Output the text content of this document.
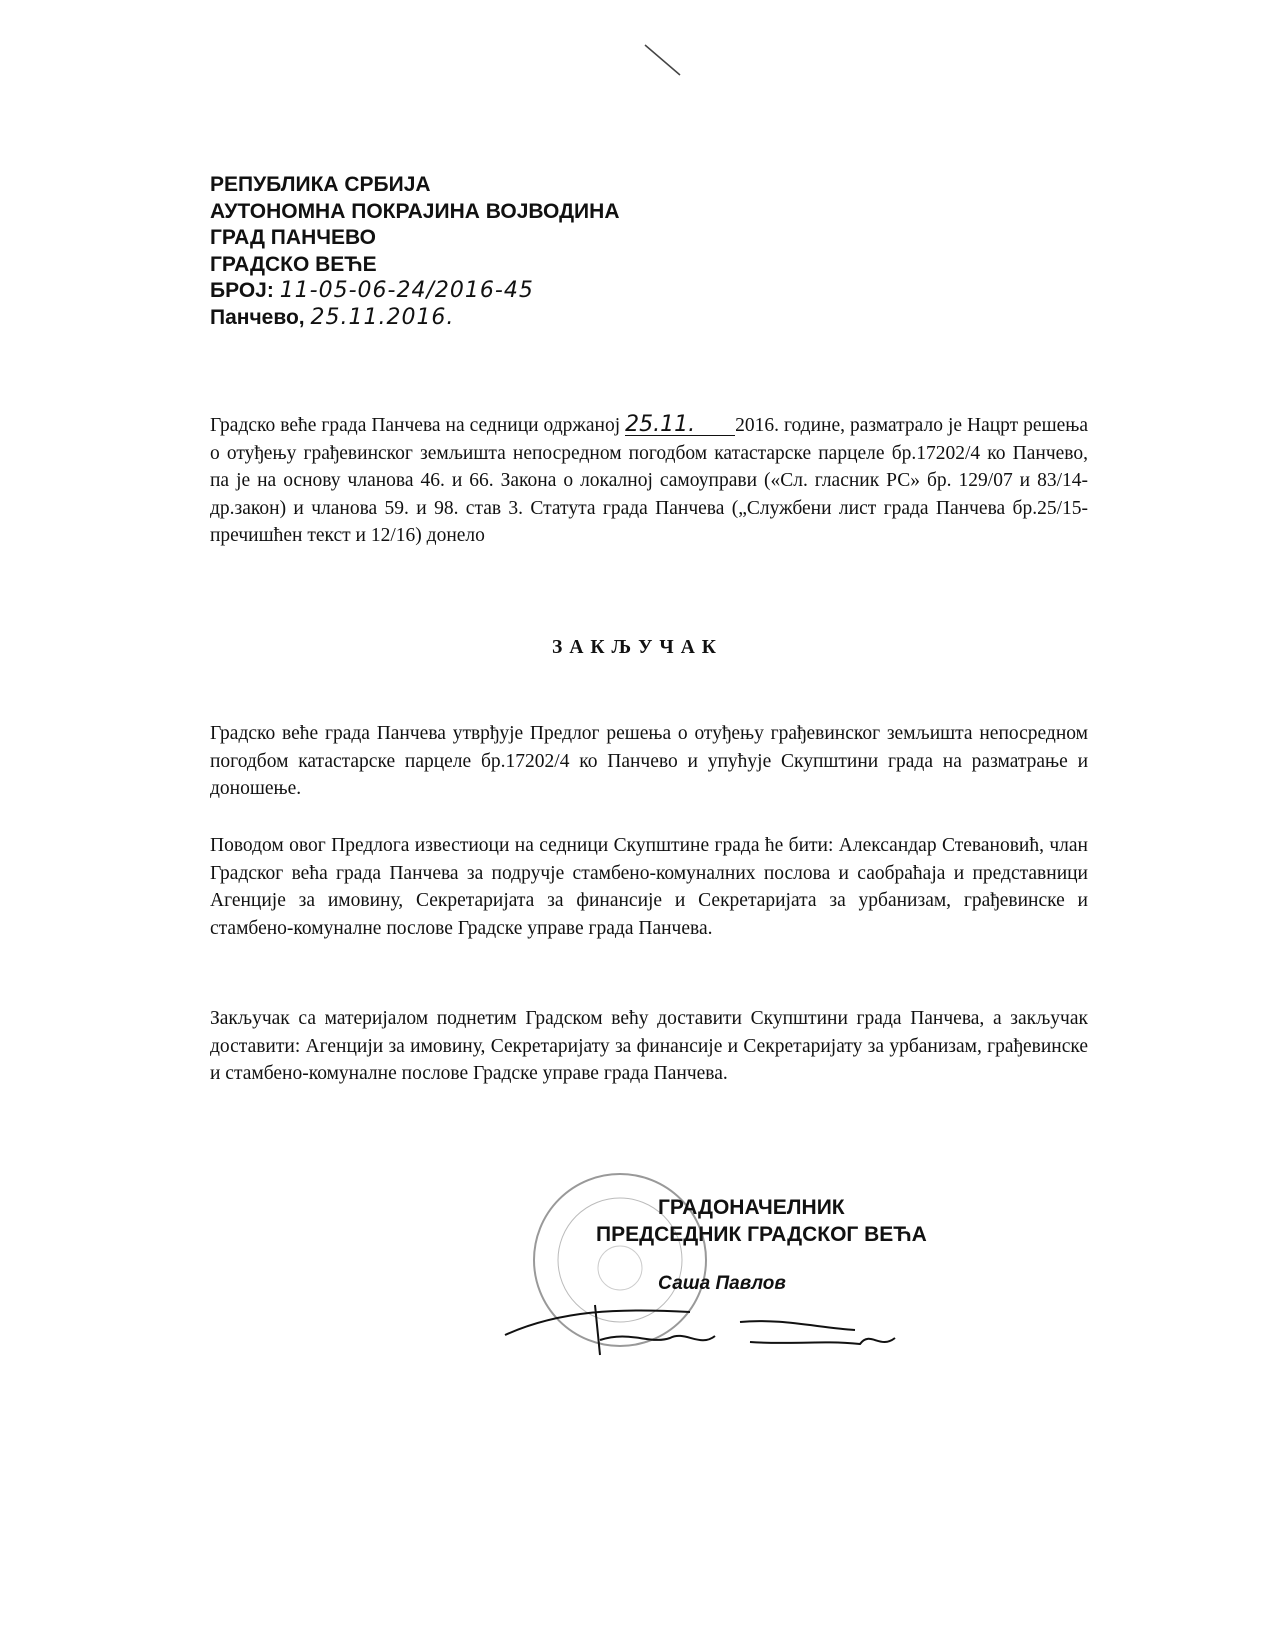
РЕПУБЛИКА СРБИЈА
АУТОНОМНА ПОКРАЈИНА ВОЈВОДИНА
ГРАД ПАНЧЕВО
ГРАДСКО ВЕЋЕ
БРОЈ: 11-05-06-24/2016-45
Панчево, 25.11.2016.
Градско веће града Панчева на седници одржаној 25.11. 2016. године, разматрало је Нацрт решења о отуђењу грађевинског земљишта непосредном погодбом катастарске парцеле бр.17202/4 ко Панчево, па је на основу чланова 46. и 66. Закона о локалној самоуправи («Сл. гласник РС» бр. 129/07 и 83/14-др.закон) и чланова 59. и 98. став 3. Статута града Панчева („Службени лист града Панчева бр.25/15-пречишћен текст и 12/16) донело
ЗАКЉУЧАК
Градско веће града Панчева утврђује Предлог решења о отуђењу грађевинског земљишта непосредном погодбом катастарске парцеле бр.17202/4 ко Панчево и упућује Скупштини града на разматрање и доношење.
Поводом овог Предлога известиоци на седници Скупштине града ће бити: Александар Стевановић, члан Градског већа града Панчева за подручје стамбено-комуналних послова и саобраћаја и представници Агенције за имовину, Секретаријата за финансије и Секретаријата за урбанизам, грађевинске и стамбено-комуналне послове Градске управе града Панчева.
Закључак са материјалом поднетим Градском већу доставити Скупштини града Панчева, а закључак доставити: Агенцији за имовину, Секретаријату за финансије и Секретаријату за урбанизам, грађевинске и стамбено-комуналне послове Градске управе града Панчева.
ГРАДОНАЧЕЛНИК
ПРЕДСЕДНИК ГРАДСКОГ ВЕЋА
Саша Павлов
